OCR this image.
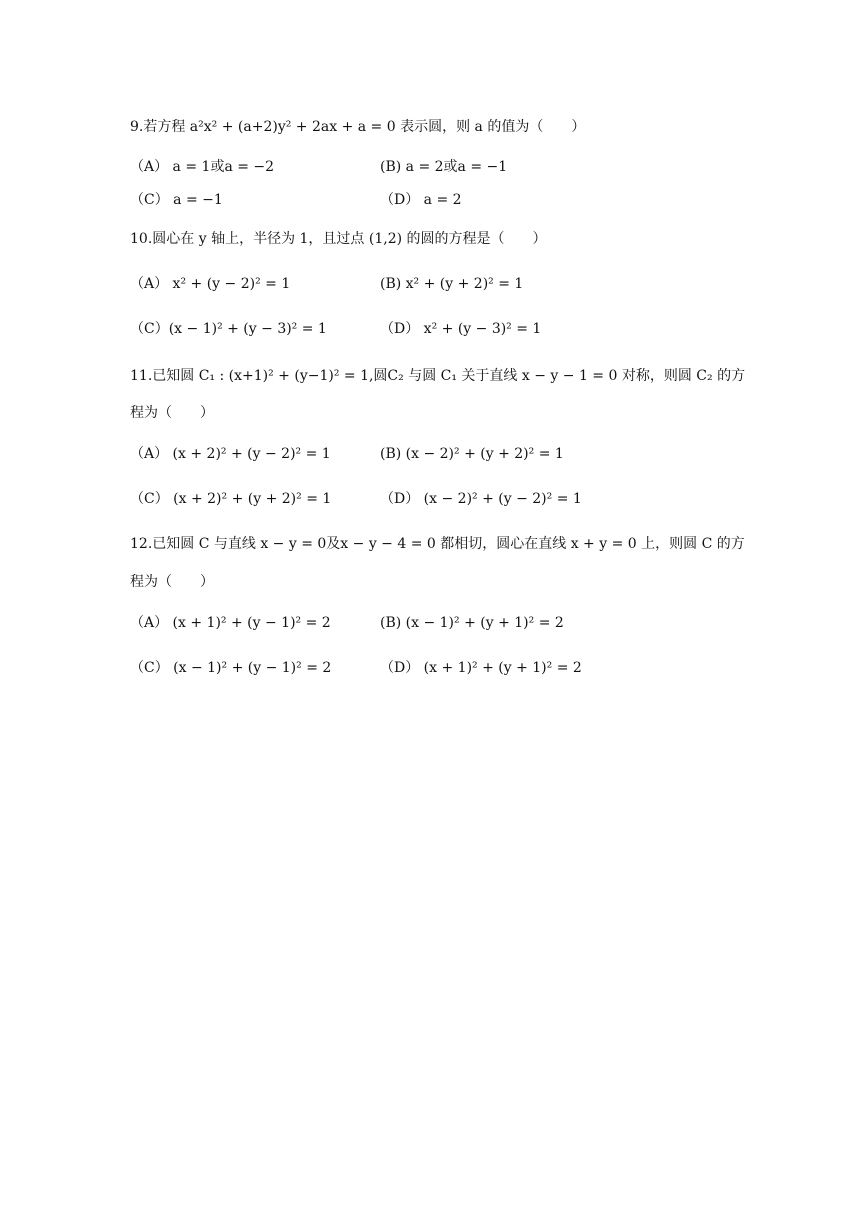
9.若方程 a²x² + (a+2)y² + 2ax + a = 0 表示圆，则 a 的值为（　　）
（A） a = 1或a = −2	(B) a = 2或a = −1
（C） a = −1	（D） a = 2
10.圆心在 y 轴上，半径为 1，且过点 (1,2) 的圆的方程是（　　）
（A） x² + (y − 2)² = 1	(B) x² + (y + 2)² = 1
（C）(x − 1)² + (y − 3)² = 1	（D） x² + (y − 3)² = 1
11.已知圆 C₁ : (x+1)² + (y−1)² = 1,圆C₂ 与圆 C₁ 关于直线 x − y − 1 = 0 对称，则圆 C₂ 的方
程为（　　）
（A） (x + 2)² + (y − 2)² = 1	(B) (x − 2)² + (y + 2)² = 1
（C） (x + 2)² + (y + 2)² = 1	（D） (x − 2)² + (y − 2)² = 1
12.已知圆 C 与直线 x − y = 0及x − y − 4 = 0 都相切，圆心在直线 x + y = 0 上，则圆 C 的方
程为（　　）
（A） (x + 1)² + (y − 1)² = 2	(B) (x − 1)² + (y + 1)² = 2
（C） (x − 1)² + (y − 1)² = 2	（D） (x + 1)² + (y + 1)² = 2
